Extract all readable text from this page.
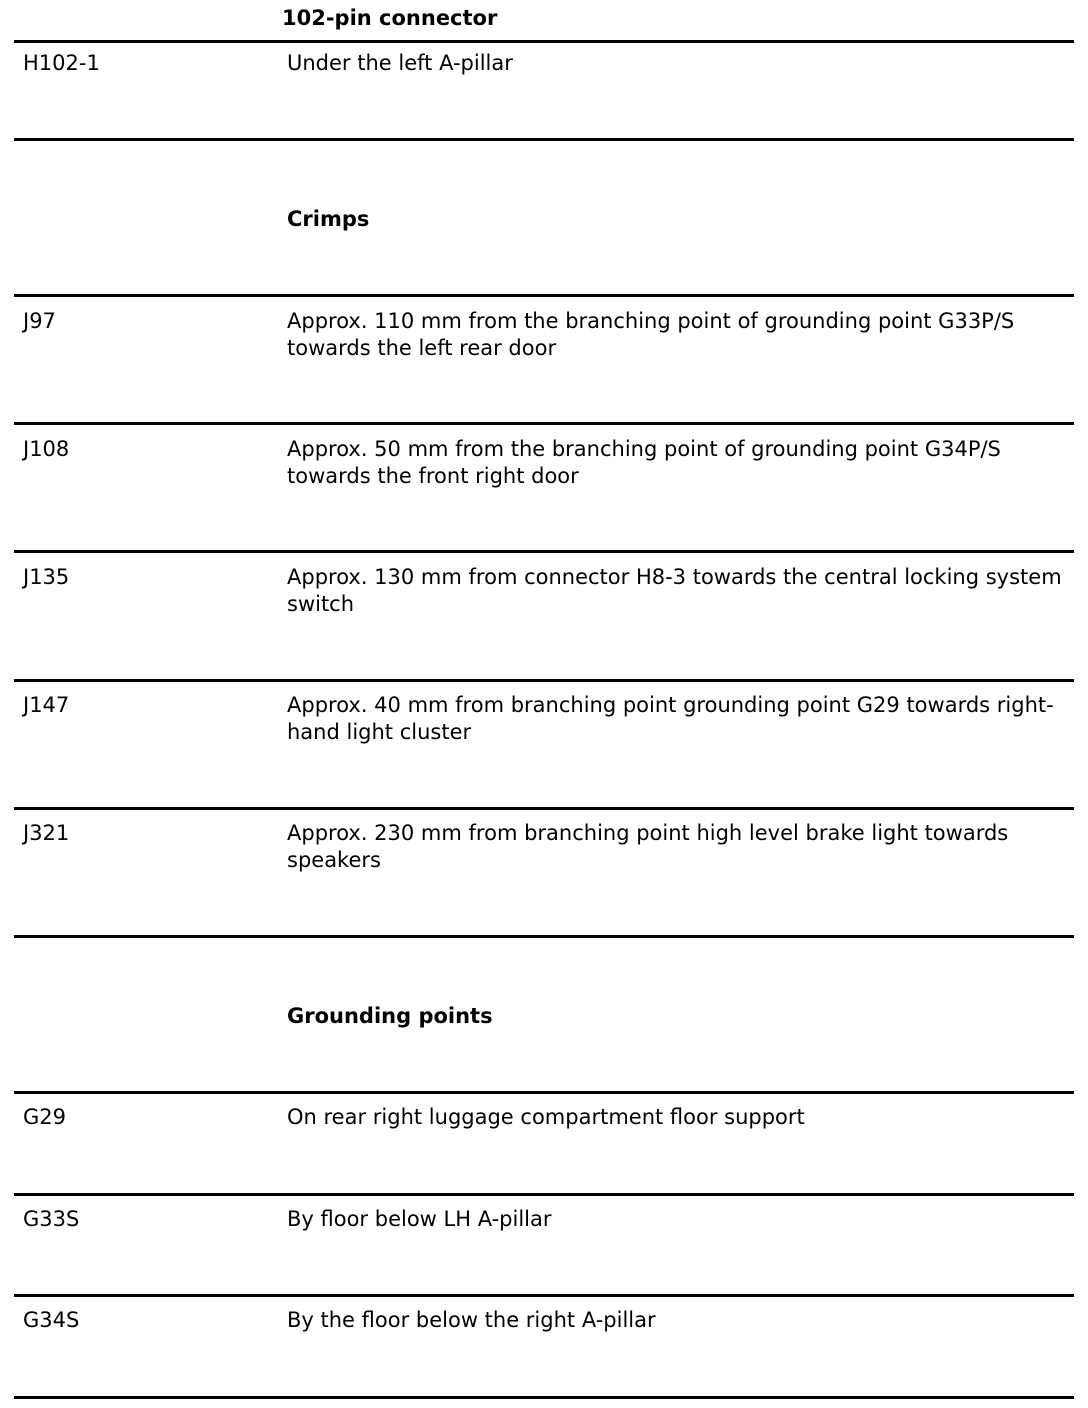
102-pin connector
H102-1	Under the left A-pillar
Crimps
J97	Approx. 110 mm from the branching point of grounding point G33P/S towards the left rear door
J108	Approx. 50 mm from the branching point of grounding point G34P/S towards the front right door
J135	Approx. 130 mm from connector H8-3 towards the central locking system switch
J147	Approx. 40 mm from branching point grounding point G29 towards right-hand light cluster
J321	Approx. 230 mm from branching point high level brake light towards speakers
Grounding points
G29	On rear right luggage compartment floor support
G33S	By floor below LH A-pillar
G34S	By the floor below the right A-pillar
